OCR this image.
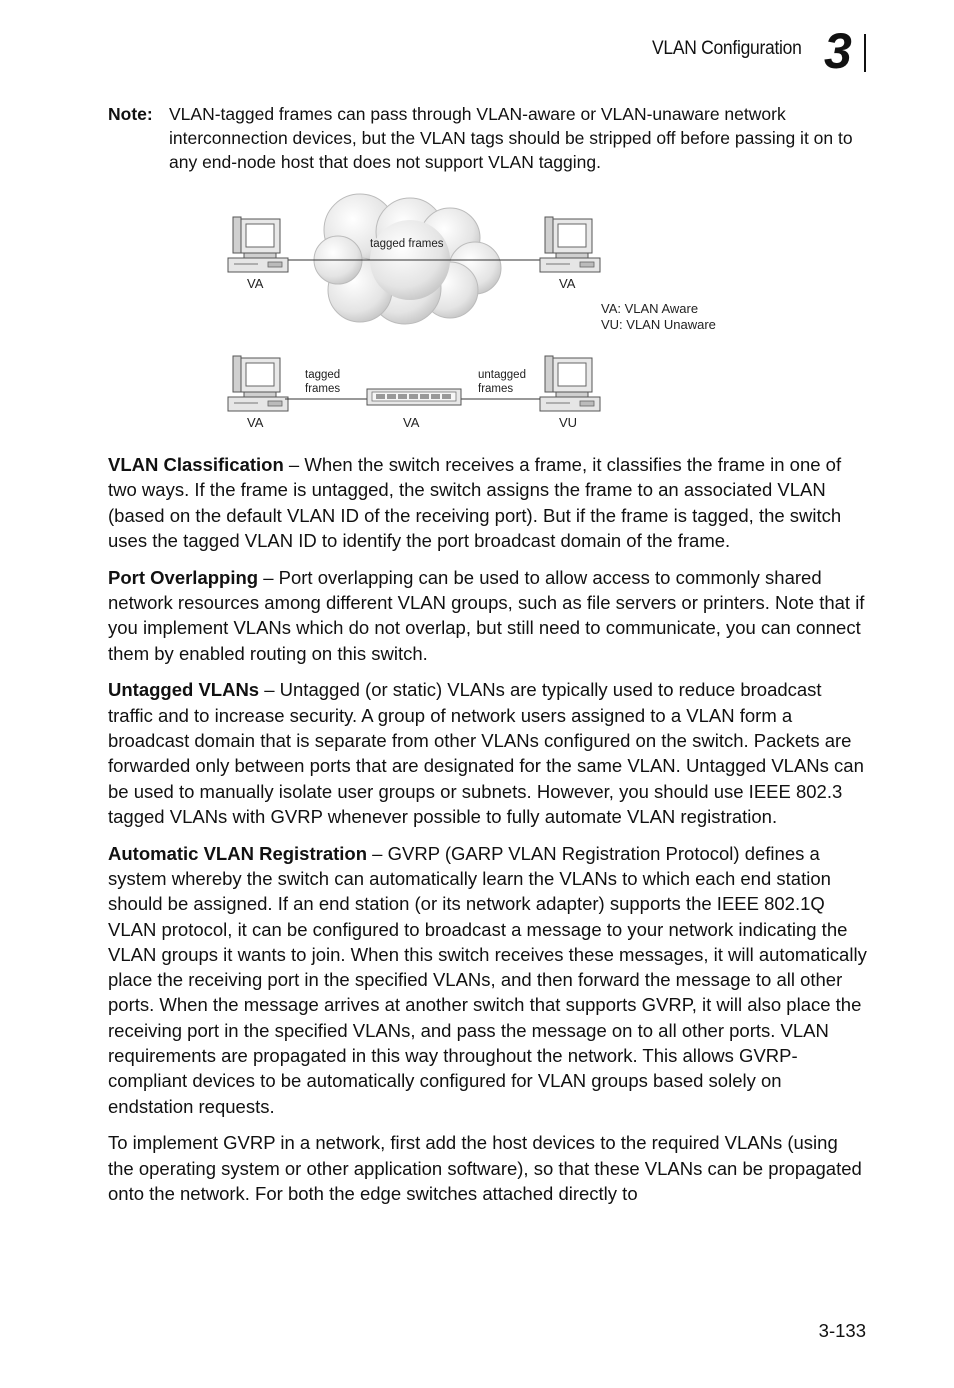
VLAN Configuration 3
Note: VLAN-tagged frames can pass through VLAN-aware or VLAN-unaware network interconnection devices, but the VLAN tags should be stripped off before passing it on to any end-node host that does not support VLAN tagging.
tagged frames
VA	VA
VA: VLAN Aware
VU: VLAN Unaware
tagged
frames
untagged
frames
VA	VA	VU

VLAN Classification – When the switch receives a frame, it classifies the frame in one of two ways. If the frame is untagged, the switch assigns the frame to an associated VLAN (based on the default VLAN ID of the receiving port). But if the frame is tagged, the switch uses the tagged VLAN ID to identify the port broadcast domain of the frame.

Port Overlapping – Port overlapping can be used to allow access to commonly shared network resources among different VLAN groups, such as file servers or printers. Note that if you implement VLANs which do not overlap, but still need to communicate, you can connect them by enabled routing on this switch.

Untagged VLANs – Untagged (or static) VLANs are typically used to reduce broadcast traffic and to increase security. A group of network users assigned to a VLAN form a broadcast domain that is separate from other VLANs configured on the switch. Packets are forwarded only between ports that are designated for the same VLAN. Untagged VLANs can be used to manually isolate user groups or subnets. However, you should use IEEE 802.3 tagged VLANs with GVRP whenever possible to fully automate VLAN registration.

Automatic VLAN Registration – GVRP (GARP VLAN Registration Protocol) defines a system whereby the switch can automatically learn the VLANs to which each end station should be assigned. If an end station (or its network adapter) supports the IEEE 802.1Q VLAN protocol, it can be configured to broadcast a message to your network indicating the VLAN groups it wants to join. When this switch receives these messages, it will automatically place the receiving port in the specified VLANs, and then forward the message to all other ports. When the message arrives at another switch that supports GVRP, it will also place the receiving port in the specified VLANs, and pass the message on to all other ports. VLAN requirements are propagated in this way throughout the network. This allows GVRP-compliant devices to be automatically configured for VLAN groups based solely on endstation requests.

To implement GVRP in a network, first add the host devices to the required VLANs (using the operating system or other application software), so that these VLANs can be propagated onto the network. For both the edge switches attached directly to

3-133
